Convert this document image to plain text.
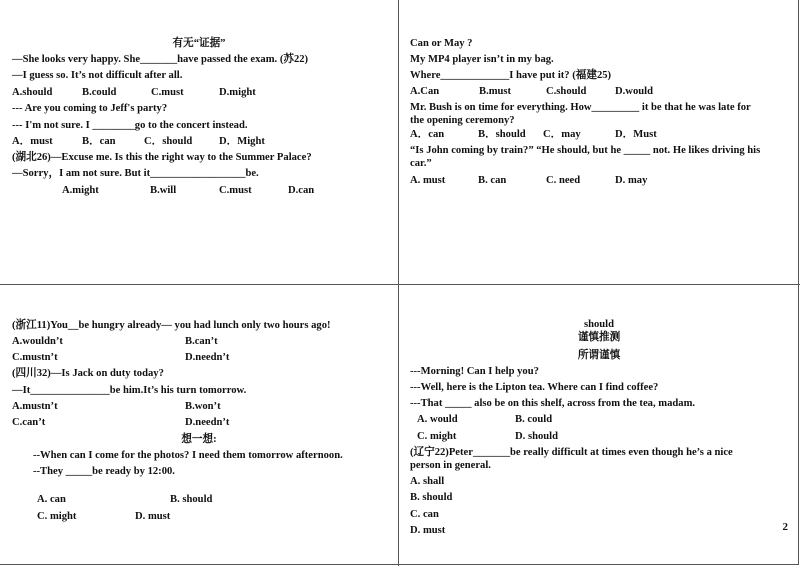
有无“证据”
—She looks very happy. She_______have passed the exam. (苏22)
—I guess so. It’s not difficult after all.
A.should	B.could	C.must	D.might
--- Are you coming to Jeff's party?
--- I'm not sure. I ________go to the concert instead.
A．must	B．can	C．should	D．Might
(湖北26)—Excuse me. Is this the right way to the Summer Palace?
—Sorry，I am not sure. But it__________________be.
A.might	B.will	C.must	D.can
Can or May ?
My MP4 player isn’t in my bag.
Where_____________I have put it? (福建25)
A.Can	B.must	C.should	D.would
Mr. Bush is on time for everything. How_________ it be that he was late for
the opening ceremony?
A．can	B．should C．may	D．Must
“Is John coming by train?” “He should, but he _____ not. He likes driving his
car.”
A. must	B. can	C. need	D. may
(浙江11)You__be hungry already— you had lunch only two hours ago!
A.wouldn’t	B.can’t
C.mustn’t	D.needn’t
(四川32)—Is Jack on duty today?
—It_______________be him.It’s his turn tomorrow.
A.mustn’t	B.won’t
C.can’t	D.needn’t
想一想:
--When can I come for the photos? I need them tomorrow afternoon.
--They _____be ready by 12:00.
A. can	B. should
C. might	D. must
should
谨慎推测
所谓谨慎
---Morning! Can I help you?
---Well, here is the Lipton tea. Where can I find coffee?
---That _____ also be on this shelf, across from the tea, madam.
A. would	B. could
C. might	D. should
(辽宁22)Peter_______be really difficult at times even though he’s a nice
person in general.
A. shall
B. should
C. can
D. must	2
